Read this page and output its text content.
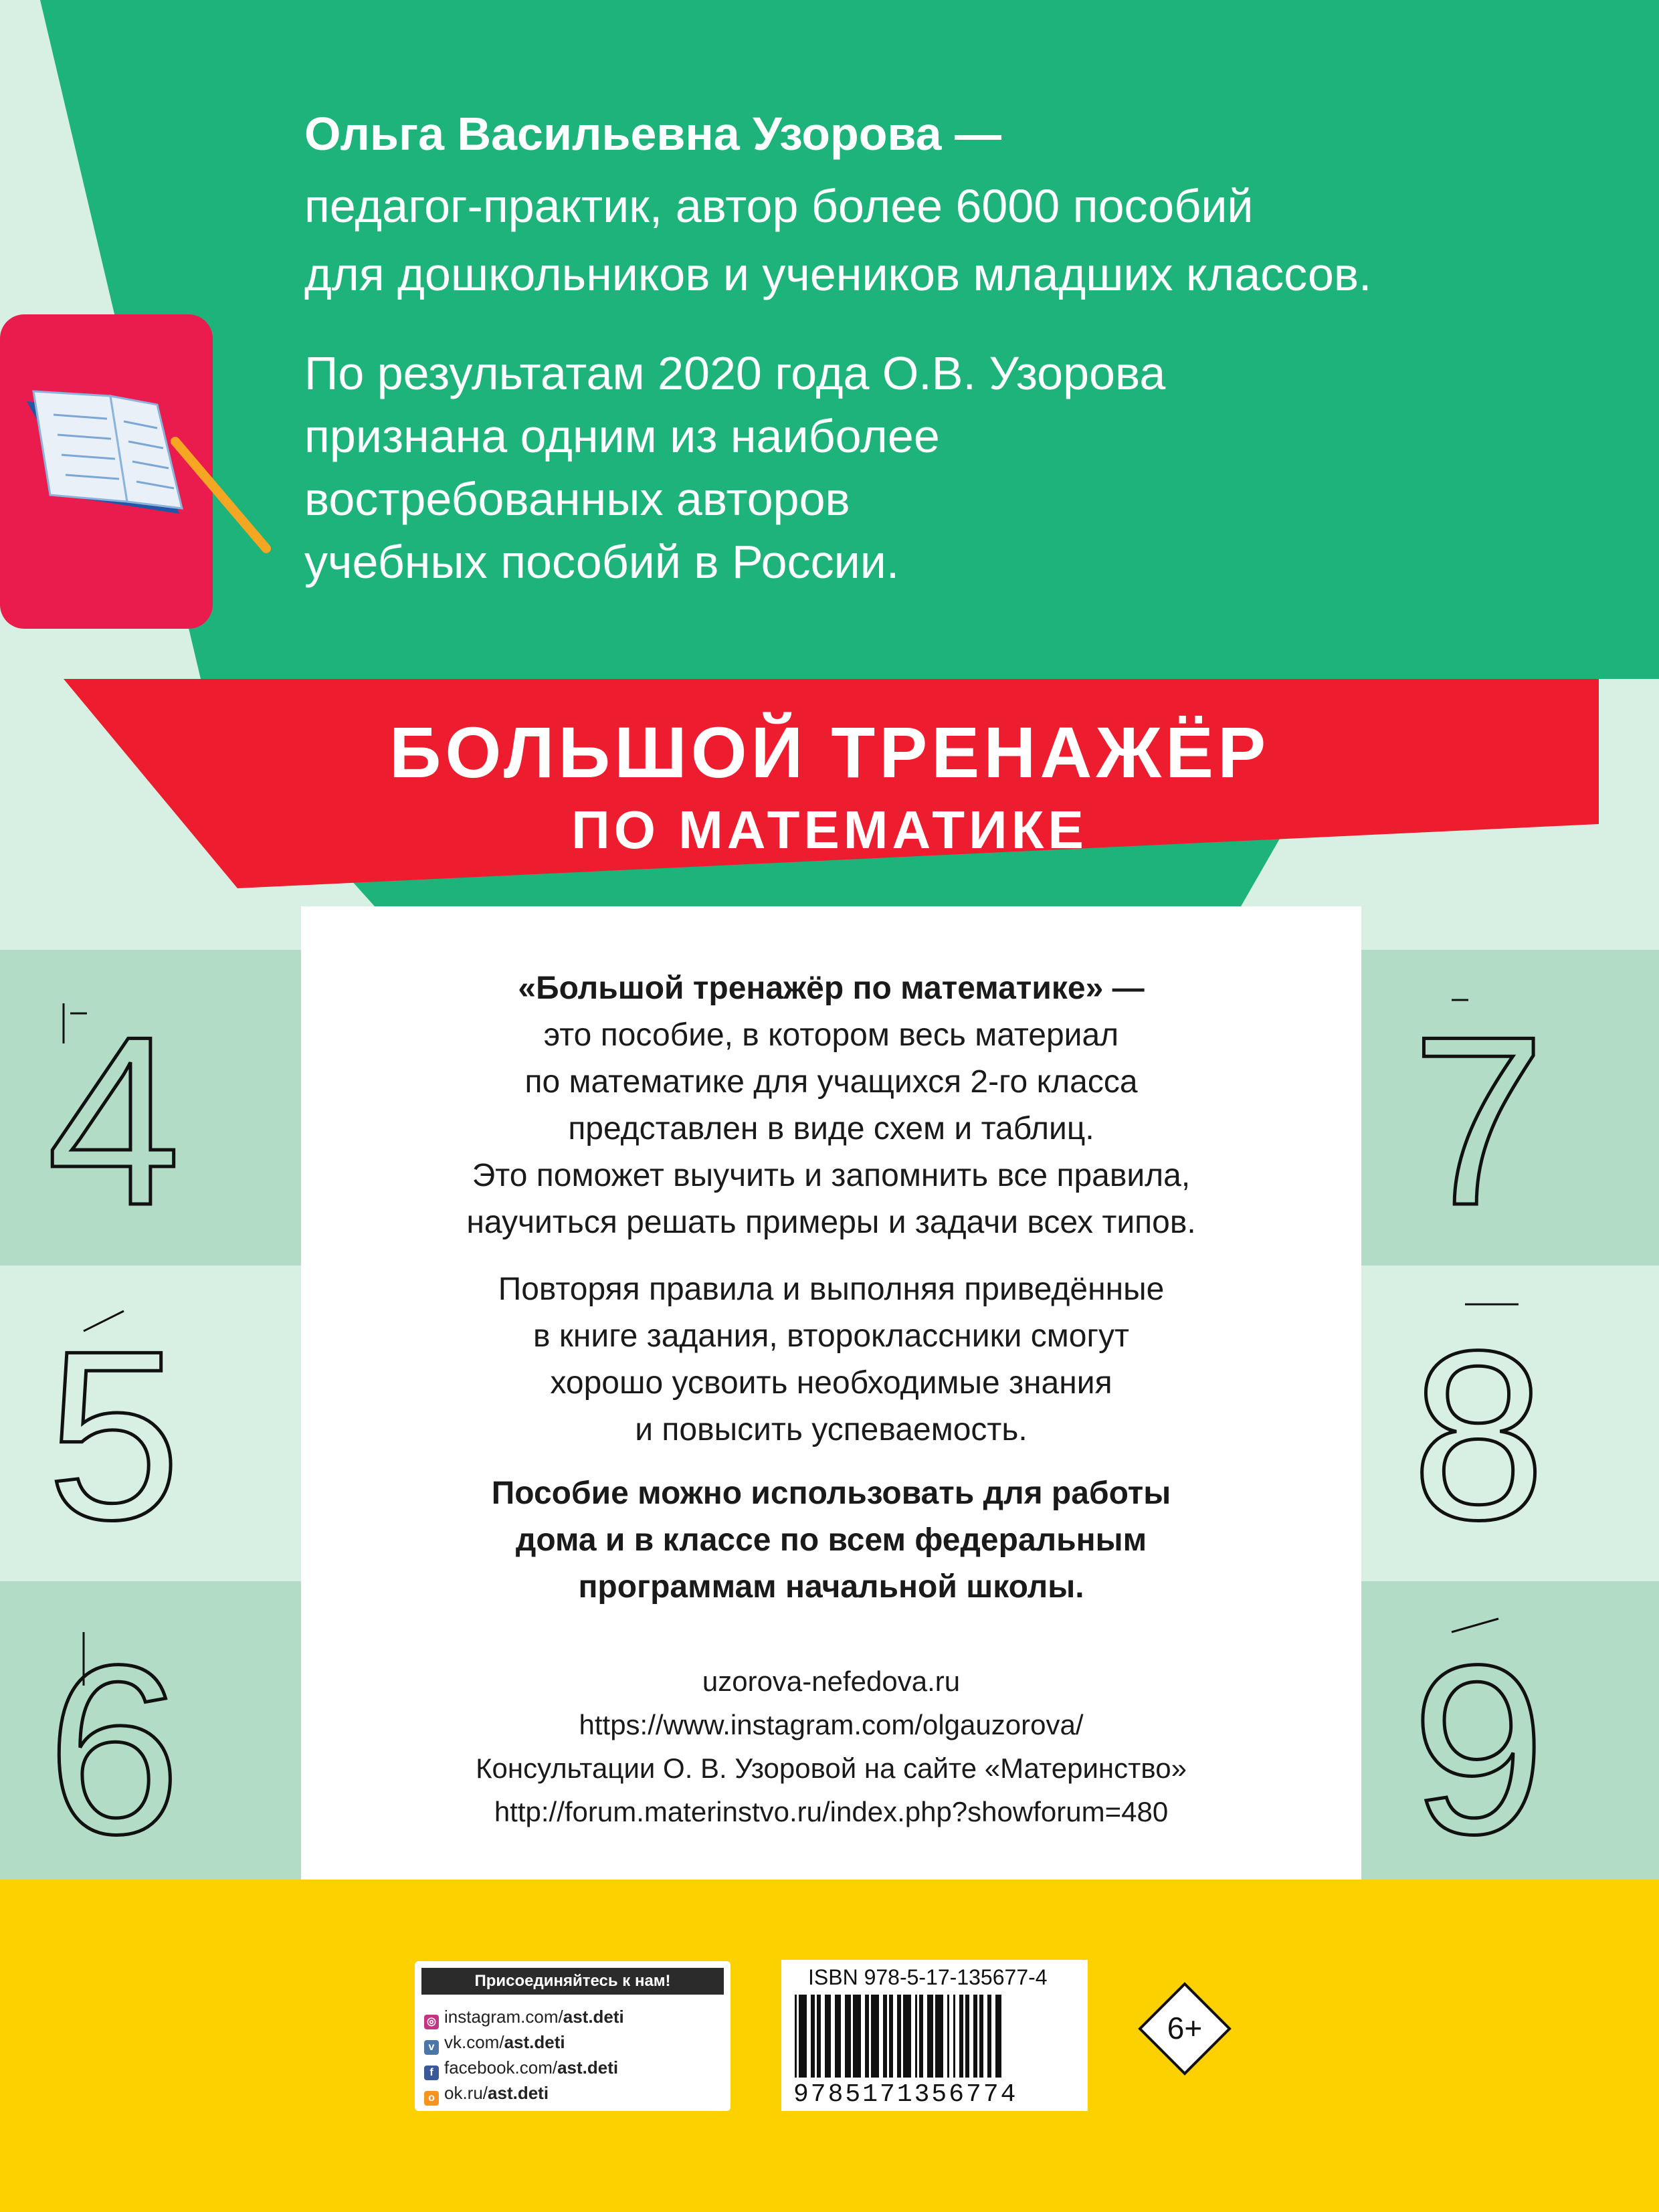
Ольга Васильевна Узорова —
педагог-практик, автор более 6000 пособий
для дошкольников и учеников младших классов.
По результатам 2020 года О.В. Узорова
признана одним из наиболее
востребованных авторов
учебных пособий в России.
БОЛЬШОЙ ТРЕНАЖЁР
ПО МАТЕМАТИКЕ
4
5
6
7
8
9
«Большой тренажёр по математике» —
это пособие, в котором весь материал
по математике для учащихся 2-го класса
представлен в виде схем и таблиц.
Это поможет выучить и запомнить все правила,
научиться решать примеры и задачи всех типов.
Повторяя правила и выполняя приведённые
в книге задания, второклассники смогут
хорошо усвоить необходимые знания
и повысить успеваемость.
Пособие можно использовать для работы
дома и в классе по всем федеральным
программам начальной школы.
uzorova-nefedova.ru
https://www.instagram.com/olgauzorova/
Консультации О. В. Узоровой на сайте «Материнство»
http://forum.materinstvo.ru/index.php?showforum=480
Присоединяйтесь к нам!
◎ instagram.com/ast.deti
v vk.com/ast.deti
f facebook.com/ast.deti
o ok.ru/ast.deti
ISBN 978-5-17-135677-4
9785171356774
6+
